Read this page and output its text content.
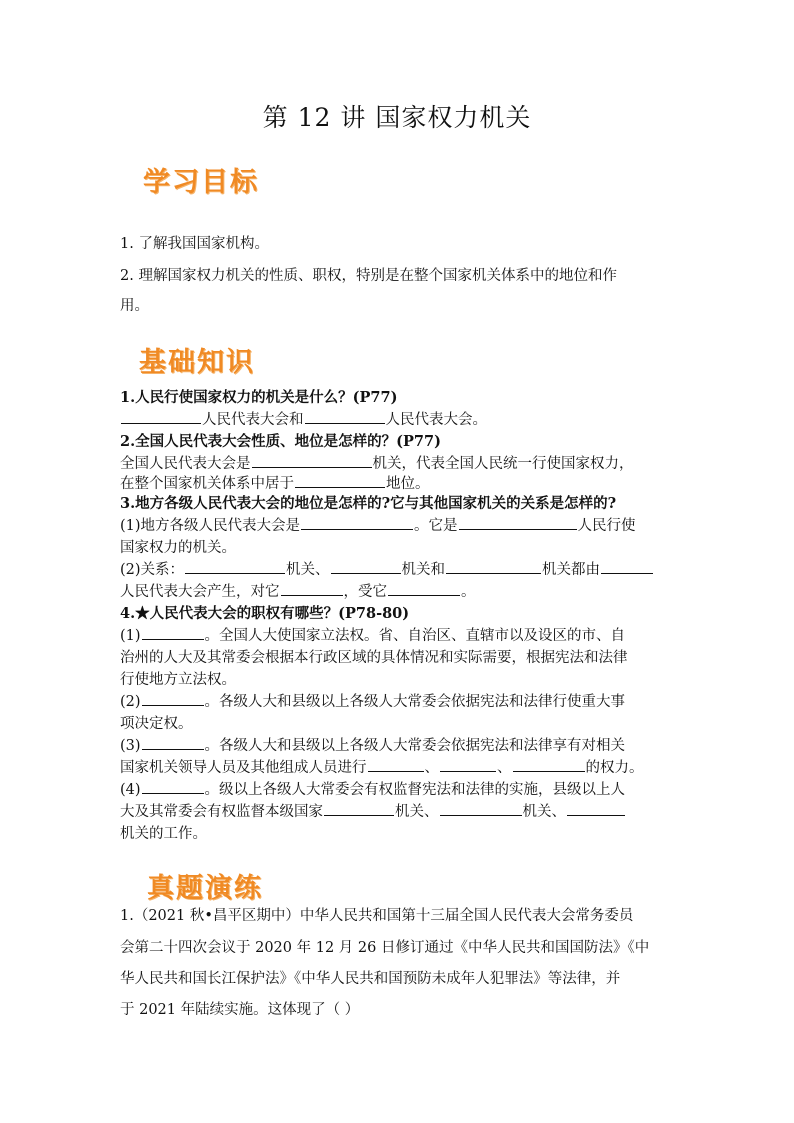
第 12 讲 国家权力机关
学习目标
1. 了解我国国家机构。
2. 理解国家权力机关的性质、职权，特别是在整个国家机关体系中的地位和作
用。
基础知识
1.人民行使国家权力的机关是什么？(P77)
人民代表大会和	人民代表大会。
2.全国人民代表大会性质、地位是怎样的？(P77)
全国人民代表大会是	机关，代表全国人民统一行使国家权力，
在整个国家机关体系中居于	地位。
3.地方各级人民代表大会的地位是怎样的?它与其他国家机关的关系是怎样的?
(1)地方各级人民代表大会是	。它是	人民行使
国家权力的机关。
(2)关系：	机关、	机关和	机关都由
人民代表大会产生，对它	，受它	。
4.★人民代表大会的职权有哪些？(P78-80)
(1)	。全国人大使国家立法权。省、自治区、直辖市以及设区的市、自
治州的人大及其常委会根据本行政区域的具体情况和实际需要，根据宪法和法律
行使地方立法权。
(2)	。各级人大和县级以上各级人大常委会依据宪法和法律行使重大事
项决定权。
(3)	。各级人大和县级以上各级人大常委会依据宪法和法律享有对相关
国家机关领导人员及其他组成人员进行	、	、	的权力。
(4)	。级以上各级人大常委会有权监督宪法和法律的实施，县级以上人
大及其常委会有权监督本级国家	机关、	机关、
机关的工作。
真题演练
1.（2021 秋•昌平区期中）中华人民共和国第十三届全国人民代表大会常务委员
会第二十四次会议于 2020 年 12 月 26 日修订通过《中华人民共和国国防法》《中
华人民共和国长江保护法》《中华人民共和国预防未成年人犯罪法》等法律，并
于 2021 年陆续实施。这体现了（ ）
